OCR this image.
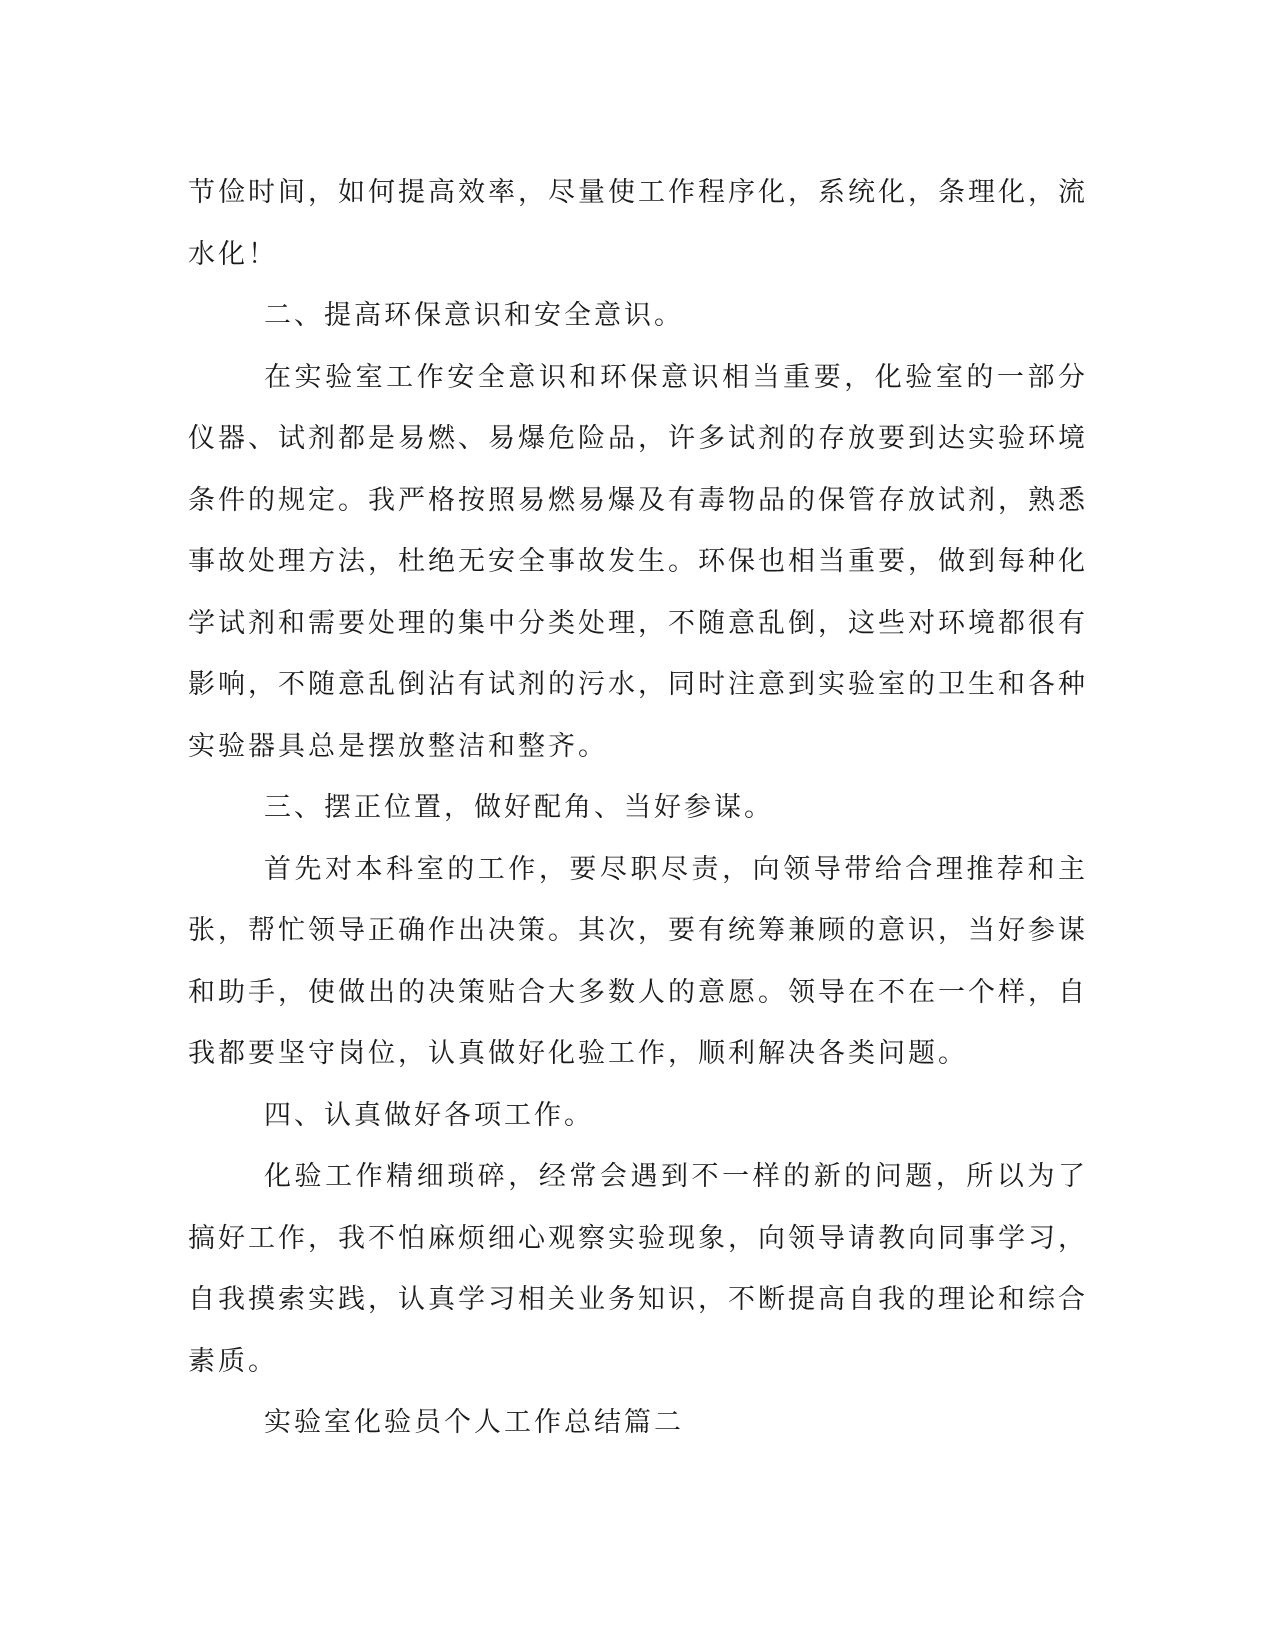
节俭时间，如何提高效率，尽量使工作程序化，系统化，条理化，流水化！

二、提高环保意识和安全意识。

在实验室工作安全意识和环保意识相当重要，化验室的一部分仪器、试剂都是易燃、易爆危险品，许多试剂的存放要到达实验环境条件的规定。我严格按照易燃易爆及有毒物品的保管存放试剂，熟悉事故处理方法，杜绝无安全事故发生。环保也相当重要，做到每种化学试剂和需要处理的集中分类处理，不随意乱倒，这些对环境都很有影响，不随意乱倒沾有试剂的污水，同时注意到实验室的卫生和各种实验器具总是摆放整洁和整齐。

三、摆正位置，做好配角、当好参谋。

首先对本科室的工作，要尽职尽责，向领导带给合理推荐和主张，帮忙领导正确作出决策。其次，要有统筹兼顾的意识，当好参谋和助手，使做出的决策贴合大多数人的意愿。领导在不在一个样，自我都要坚守岗位，认真做好化验工作，顺利解决各类问题。

四、认真做好各项工作。

化验工作精细琐碎，经常会遇到不一样的新的问题，所以为了搞好工作，我不怕麻烦细心观察实验现象，向领导请教向同事学习，自我摸索实践，认真学习相关业务知识，不断提高自我的理论和综合素质。

实验室化验员个人工作总结篇二
